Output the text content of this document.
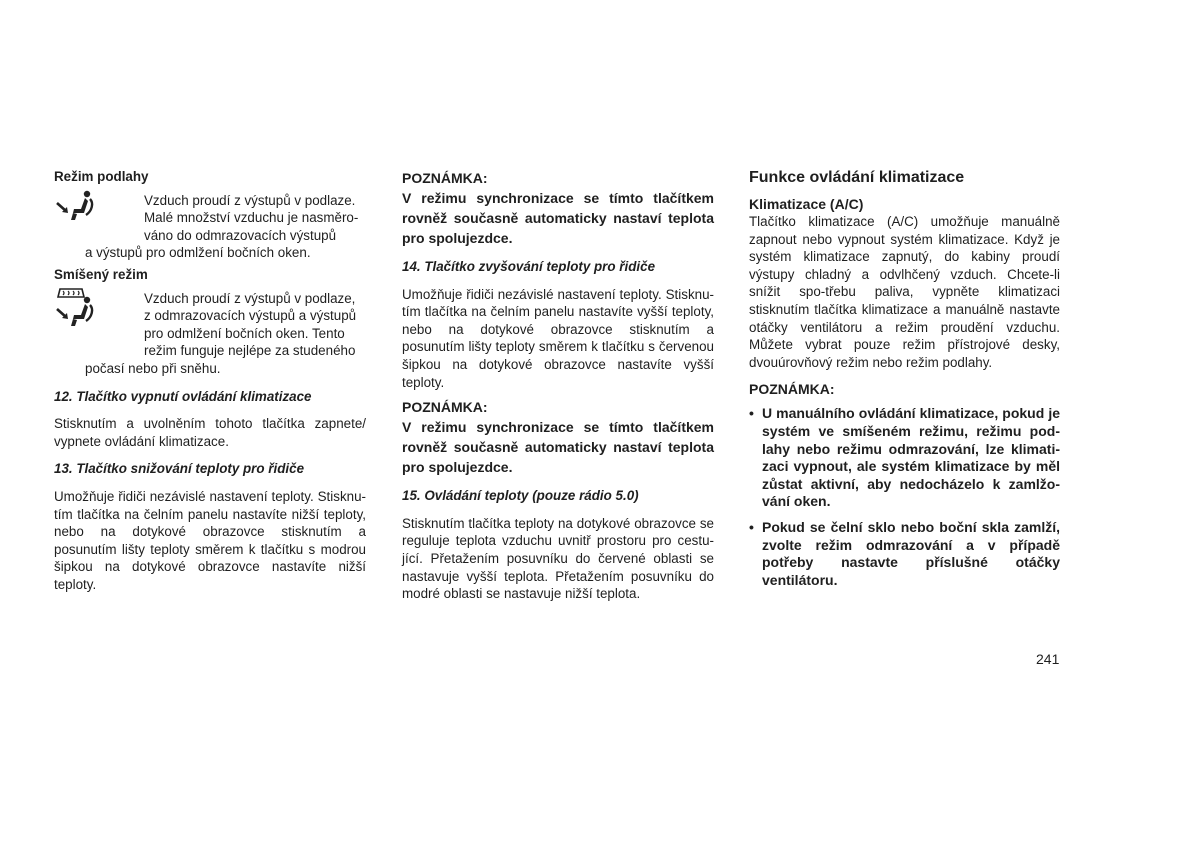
Režim podlahy

Vzduch proudí z výstupů v podlaze.
Malé množství vzduchu je nasměro-
váno do odmrazovacích výstupů

a výstupů pro odmlžení bočních oken.

Smíšený režim

Vzduch proudí z výstupů v podlaze,
z odmrazovacích výstupů a výstupů
pro odmlžení bočních oken. Tento
režim funguje nejlépe za studeného

počasí nebo při sněhu.

12. Tlačítko vypnutí ovládání klimatizace

Stisknutím a uvolněním tohoto tlačítka zapnete/ vypnete ovládání klimatizace.

13. Tlačítko snižování teploty pro řidiče

Umožňuje řidiči nezávislé nastavení teploty. Stisknu-tím tlačítka na čelním panelu nastavíte nižší teploty, nebo na dotykové obrazovce stisknutím a posunutím lišty teploty směrem k tlačítku s modrou šipkou na dotykové obrazovce nastavíte nižší teploty.

POZNÁMKA:

V režimu synchronizace se tímto tlačítkem rovněž současně automaticky nastaví teplota pro spolujezdce.

14. Tlačítko zvyšování teploty pro řidiče

Umožňuje řidiči nezávislé nastavení teploty. Stisknu-tím tlačítka na čelním panelu nastavíte vyšší teploty, nebo na dotykové obrazovce stisknutím a posunutím lišty teploty směrem k tlačítku s červenou šipkou na dotykové obrazovce nastavíte vyšší teploty.

POZNÁMKA:

V režimu synchronizace se tímto tlačítkem rovněž současně automaticky nastaví teplota pro spolujezdce.

15. Ovládání teploty (pouze rádio 5.0)

Stisknutím tlačítka teploty na dotykové obrazovce se reguluje teplota vzduchu uvnitř prostoru pro cestu-jící. Přetažením posuvníku do červené oblasti se nastavuje vyšší teplota. Přetažením posuvníku do modré oblasti se nastavuje nižší teplota.

Funkce ovládání klimatizace

Klimatizace (A/C)

Tlačítko klimatizace (A/C) umožňuje manuálně zapnout nebo vypnout systém klimatizace. Když je systém klimatizace zapnutý, do kabiny proudí výstupy chladný a odvlhčený vzduch. Chcete-li snížit spo-třebu paliva, vypněte klimatizaci stisknutím tlačítka klimatizace a manuálně nastavte otáčky ventilátoru a režim proudění vzduchu. Můžete vybrat pouze režim přístrojové desky, dvouúrovňový režim nebo režim podlahy.

POZNÁMKA:

• U manuálního ovládání klimatizace, pokud je systém ve smíšeném režimu, režimu pod-lahy nebo režimu odmrazování, lze klimati-zaci vypnout, ale systém klimatizace by měl zůstat aktivní, aby nedocházelo k zamlžo-vání oken.
• Pokud se čelní sklo nebo boční skla zamlží, zvolte režim odmrazování a v případě potřeby nastavte příslušné otáčky ventilátoru.
241
